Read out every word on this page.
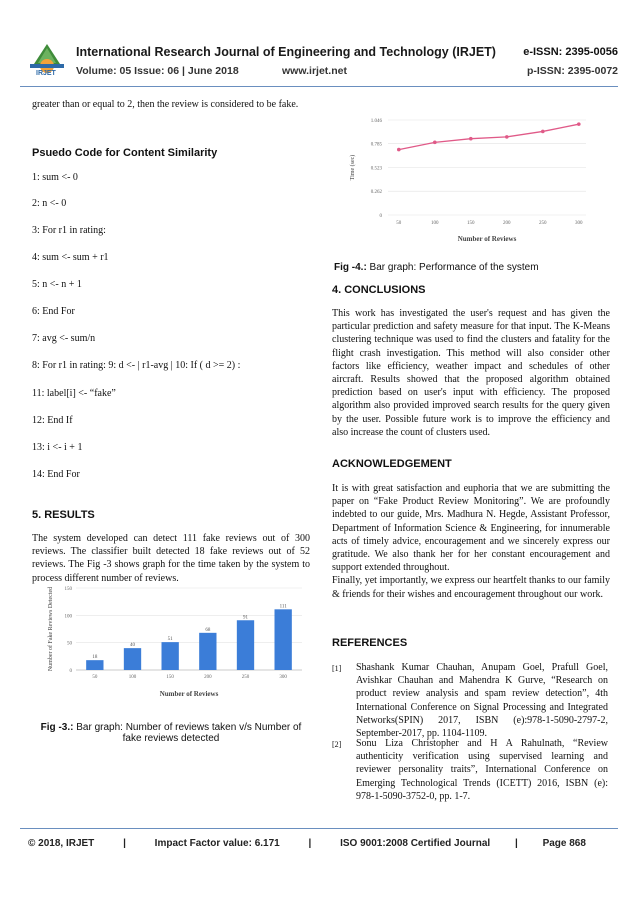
IRJET
International Research Journal of Engineering and Technology (IRJET) e-ISSN: 2395-0056
Volume: 05 Issue: 06 | June 2018	www.irjet.net	p-ISSN: 2395-0072

greater than or equal to 2, then the review is considered to be fake.

Psuedo Code for Content Similarity
1: sum <- 0
2: n <- 0
3: For r1 in rating:
4: sum <- sum + r1
5: n <- n + 1
6: End For
7: avg <- sum/n
8: For r1 in rating: 9: d <- | r1-avg | 10: If ( d >= 2) :
11: label[i] <- “fake”
12: End If
13: i <- i + 1
14: End For
5. RESULTS

The system developed can detect 111 fake reviews out of 300 reviews. The classifier built detected 18 fake reviews out of 52 reviews. The Fig -3 shows graph for the time taken by the system to process different number of reviews.

0
50
100
150
18
50
40
100
51
150
68
200
91
250
111
300
Number of Reviews
Number of Fake Reviews Detected
Fig -3.: Bar graph: Number of reviews taken v/s Number of fake reviews detected
0
0.262
0.523
0.785
1.046
50	100	150	200	250	300
Number of Reviews
Time (sec)
Fig -4.: Bar graph: Performance of the system
4. CONCLUSIONS

This work has investigated the user's request and has given the particular prediction and safety measure for that input. The K-Means clustering technique was used to find the clusters and fatality for the flight crash investigation. This method will also consider other factors like efficiency, weather impact and schedules of other aircraft. Results showed that the proposed algorithm obtained prediction based on user's input with efficiency. The proposed algorithm also provided improved search results for the query given by the user. Possible future work is to improve the efficiency and also increase the count of clusters used.

ACKNOWLEDGEMENT

It is with great satisfaction and euphoria that we are submitting the paper on “Fake Product Review Monitoring”. We are profoundly indebted to our guide, Mrs. Madhura N. Hegde, Assistant Professor, Department of Information Science & Engineering, for innumerable acts of timely advice, encouragement and we sincerely express our gratitude. We also thank her for her constant encouragement and support extended throughout.

Finally, yet importantly, we express our heartfelt thanks to our family & friends for their wishes and encouragement throughout our work.

REFERENCES
[1] Shashank Kumar Chauhan, Anupam Goel, Prafull Goel, Avishkar Chauhan and Mahendra K Gurve, “Research on product review analysis and spam review detection”, 4th International Conference on Signal Processing and Integrated Networks(SPIN) 2017, ISBN (e):978-1-5090-2797-2, September-2017, pp. 1104-1109.
[2] Sonu Liza Christopher and H A Rahulnath, “Review authenticity verification using supervised learning and reviewer personality traits”, International Conference on Emerging Technological Trends (ICETT) 2016, ISBN (e): 978-1-5090-3752-0, pp. 1-7.
© 2018, IRJET	|	Impact Factor value: 6.171	|	ISO 9001:2008 Certified Journal | Page 868
